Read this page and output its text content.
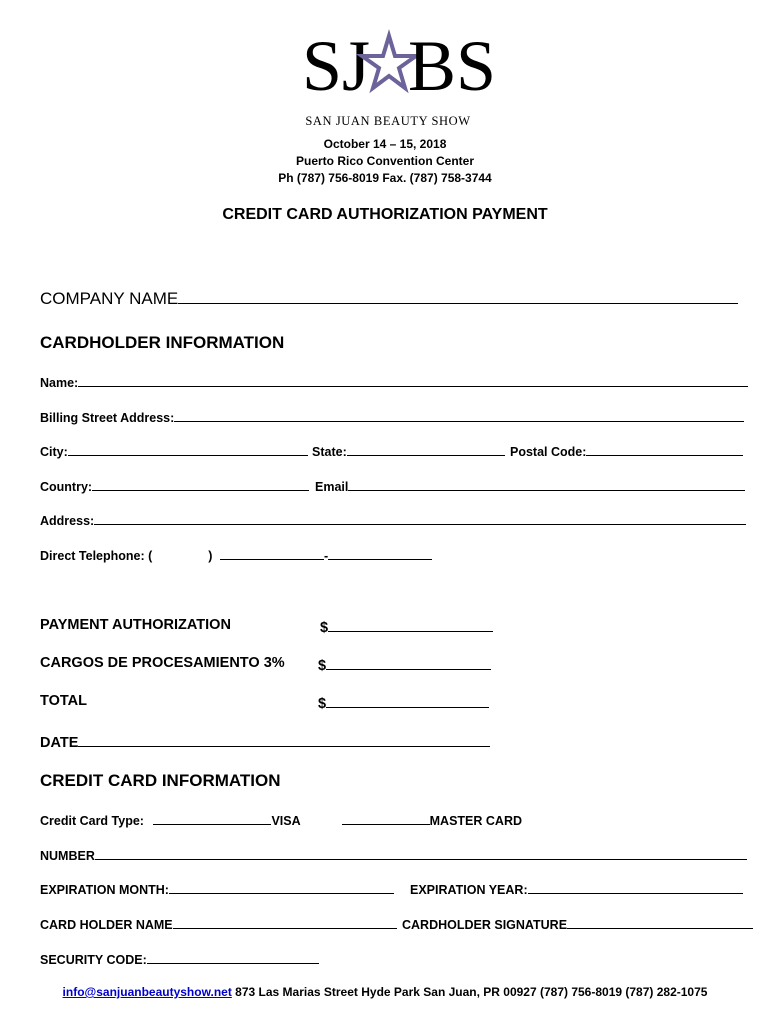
SJ BS
SAN JUAN BEAUTY SHOW
October 14 – 15, 2018
Puerto Rico Convention Center
Ph (787) 756-8019 Fax. (787) 758-3744
CREDIT CARD AUTHORIZATION PAYMENT
COMPANY NAME
CARDHOLDER INFORMATION
Name:
Billing Street Address:
City:	State:	Postal Code:
Country:	Email
Address:
Direct Telephone: (	)	-
PAYMENT AUTHORIZATION	$
CARGOS DE PROCESAMIENTO 3% $
TOTAL	$
DATE
CREDIT CARD INFORMATION
Credit Card Type:	VISA	MASTER CARD
NUMBER
EXPIRATION MONTH:	EXPIRATION YEAR:
CARD HOLDER NAME	CARDHOLDER SIGNATURE
SECURITY CODE:
info@sanjuanbeautyshow.net 873 Las Marias Street Hyde Park San Juan, PR 00927 (787) 756-8019 (787) 282-1075
